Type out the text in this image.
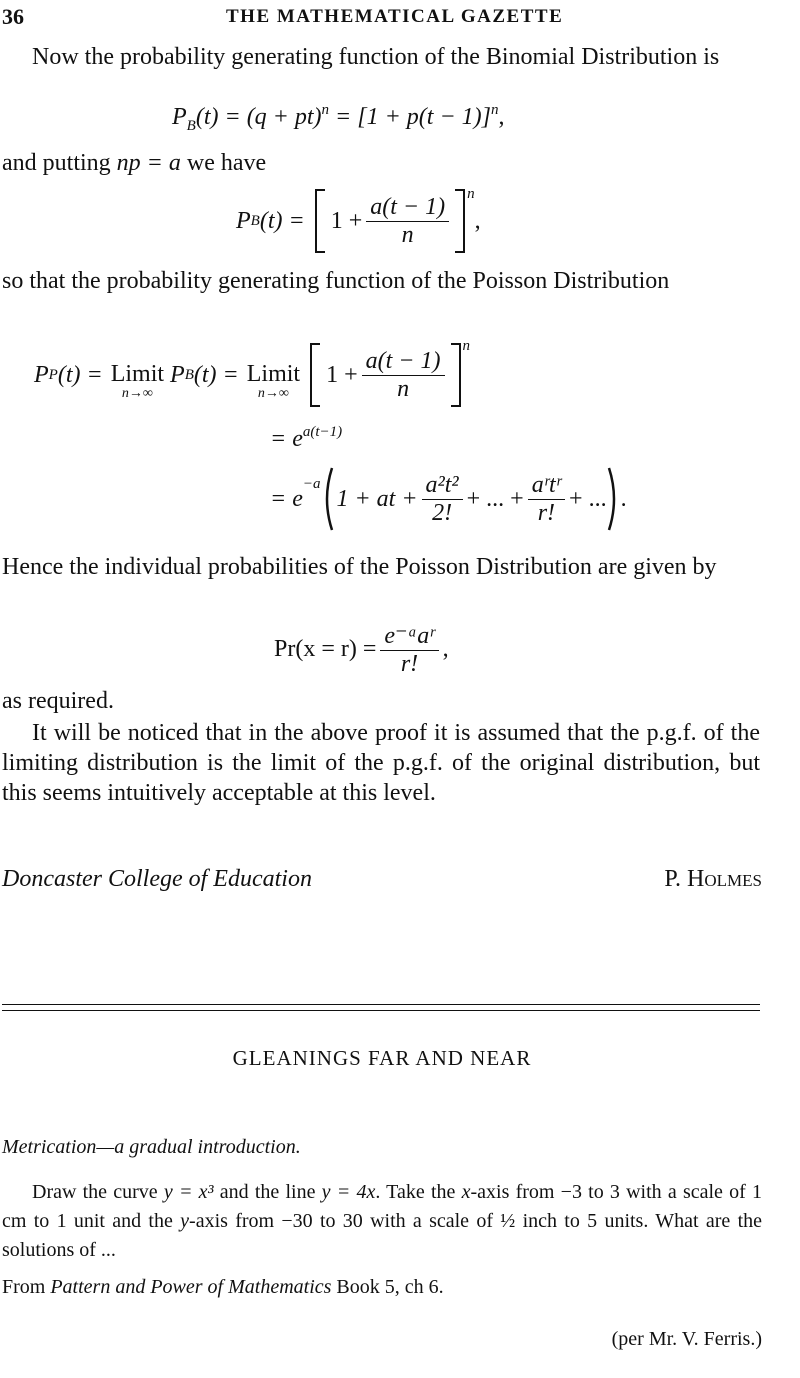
36	THE MATHEMATICAL GAZETTE
Now the probability generating function of the Binomial Distribution is
$P_B(t) = (q + pt)^n = [1 + p(t - 1)]^n$,
and putting np = a we have
P B $(t) = 1 + \frac{a(t - 1)}{n}$ n
,
so that the probability generating function of the Poisson Distribution
P P (t) = Limit
n→∞
P B (t) = Limit
n→∞
$1 + \frac{a(t - 1)}{n}$
n
= $e^{a(t-1)}$
= e
−a
1 + at + $\frac{\text{a²t²}}{2!}$ + ... + $\frac{\text{aʳtʳ}}{r!}$ + ... .
Hence the individual probabilities of the Poisson Distribution are given by
$Pr(x = r) = \frac{\text{e⁻ᵃaʳ}}{r!}$ ,
as required.
It will be noticed that in the above proof it is assumed that the p.g.f. of the limiting distribution is the limit of the p.g.f. of the original distribution, but this seems intuitively acceptable at this level.
Doncaster College of Education	P. Holmes
GLEANINGS FAR AND NEAR
Metrication—a gradual introduction.
Draw the curve y = x³ and the line y = 4x. Take the x-axis from −3 to 3 with a scale of 1 cm to 1 unit and the y-axis from −30 to 30 with a scale of ½ inch to 5 units. What are the solutions of ...
From Pattern and Power of Mathematics Book 5, ch 6.
(per Mr. V. Ferris.)
